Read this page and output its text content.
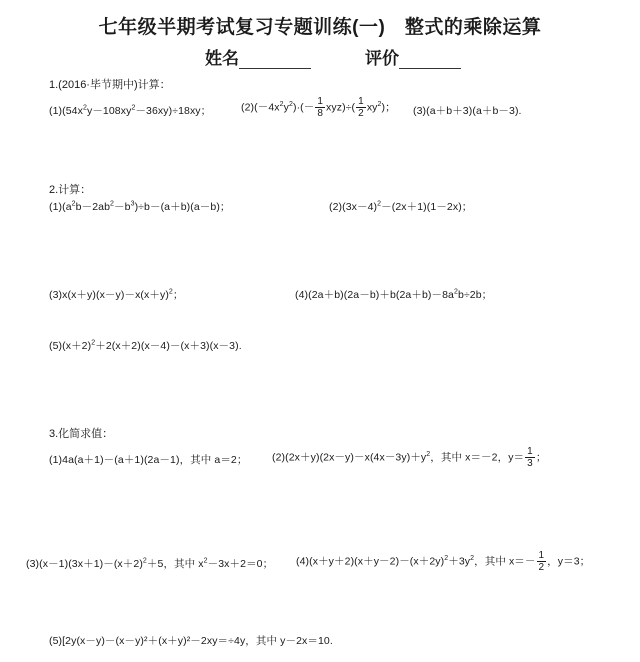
七年级半期考试复习专题训练(一)　整式的乘除运算
姓名	评价
1.(2016·毕节期中)计算：
$(1)(54x^2y-108xy^2-36xy)\div 18xy$；	$(2)(-4x^2y^2)\cdot(- \frac{1}{8} xyz)\div( \frac{1}{2} xy^2)$； (3)(a＋b＋3)(a＋b－3).
2.计算：
$(1)(a^2b-2ab^2-b^3)\div b-(a+b)(a-b)$；	$(2)(3x-4)^2-(2x+1)(1-2x)$；
$(3)x(x+y)(x-y)-x(x+y)^2$；	$(4)(2a+b)(2a-b)+b(2a+b)-8a^2b\div 2b$；
$(5)(x+2)^2+2(x+2)(x-4)-(x+3)(x-3)$.
3.化简求值：
(1)4a(a＋1)－(a＋1)(2a－1)，其中 a＝2； $(2)(2x+y)(2x-y)-x(4x-3y)+y^2$，其中 x＝－2，$y= \frac{1}{3}$ ；
$(3)(x-1)(3x+1)-(x+2)^2+5$，其中 $x^2-3x+2=0$； $(4)(x+y+2)(x+y-2)-(x+2y)^2+3y^2$，其中 $x=- \frac{1}{2}$ ，y＝3；
(5)[2y(x－y)－(x－y)²＋(x＋y)²－2xy＝÷4y，其中 y－2x＝10.
